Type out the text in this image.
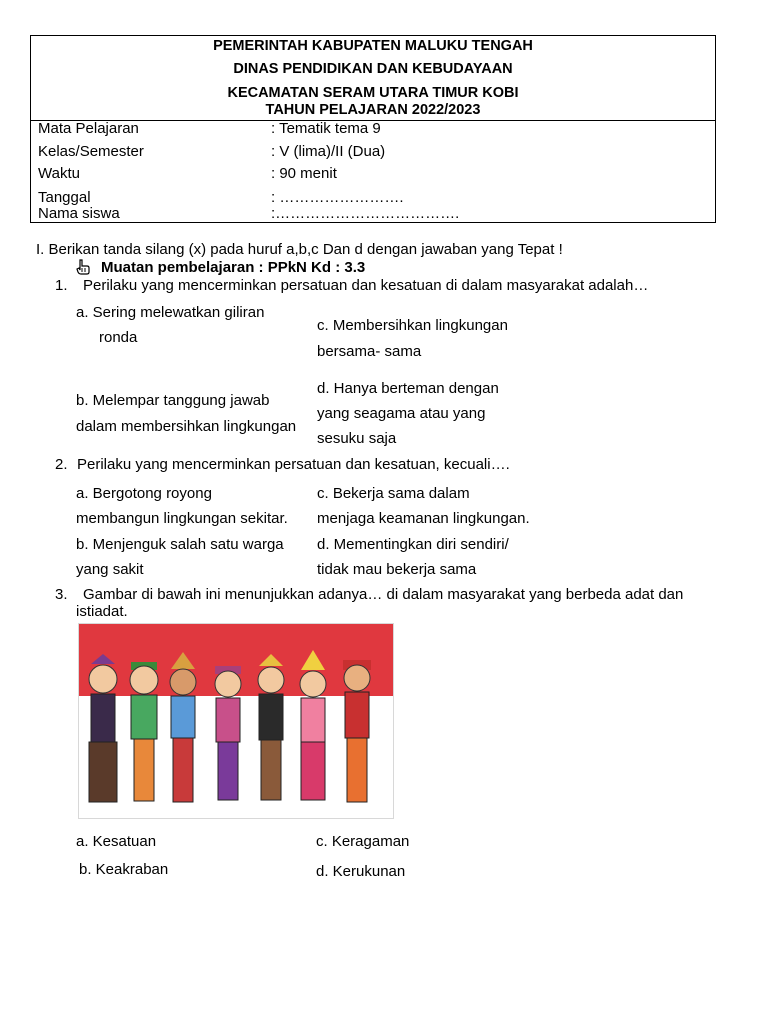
PEMERINTAH KABUPATEN MALUKU TENGAH
DINAS PENDIDIKAN DAN KEBUDAYAAN
KECAMATAN SERAM UTARA TIMUR KOBI
TAHUN PELAJARAN 2022/2023
Mata Pelajaran	: Tematik tema 9
Kelas/Semester	: V (lima)/II (Dua)
Waktu	: 90 menit
Tanggal	: …………………….
Nama siswa	:……………………………….
I. Berikan tanda silang (x) pada huruf a,b,c Dan d dengan jawaban yang Tepat !
Muatan pembelajaran : PPkN Kd : 3.3
1. Perilaku yang mencerminkan persatuan dan kesatuan di dalam masyarakat adalah…
a. Sering melewatkan giliran
ronda
c. Membersihkan lingkungan
bersama- sama
b. Melempar tanggung jawab
dalam membersihkan lingkungan
d. Hanya berteman dengan
yang seagama atau yang
sesuku saja
2. Perilaku yang mencerminkan persatuan dan kesatuan, kecuali….
a. Bergotong royong
membangun lingkungan sekitar.
c. Bekerja sama dalam
menjaga keamanan lingkungan.
b. Menjenguk salah satu warga
yang sakit
d. Mementingkan diri sendiri/
tidak mau bekerja sama
3. Gambar di bawah ini menunjukkan adanya… di dalam masyarakat yang berbeda adat dan
istiadat.
a. Kesatuan	c. Keragaman
b. Keakraban	d. Kerukunan
